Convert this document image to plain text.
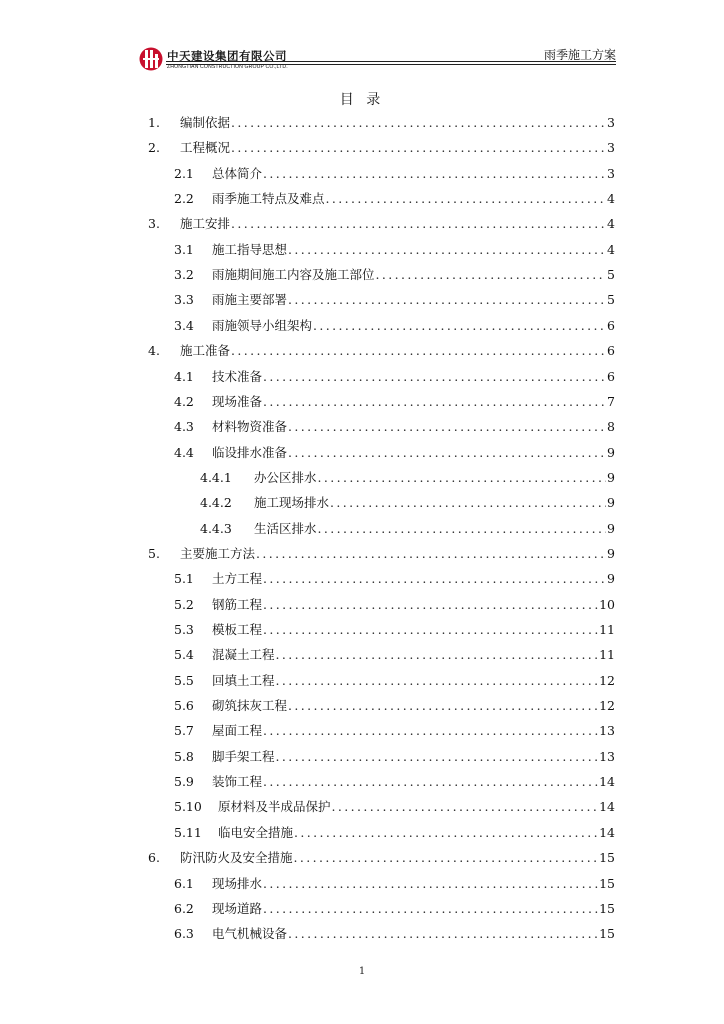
中天建设集团有限公司
ZHONGTIAN CONSTRUCTION GROUP CO.,LTD.
雨季施工方案
目 录
1.	编制依据 .....	3
2.	工程概况 .....	3
2.1	总体简介 .....	3
2.2	雨季施工特点及难点 .....	4
3.	施工安排 .....	4
3.1	施工指导思想 .....	4
3.2	雨施期间施工内容及施工部位 .....	5
3.3	雨施主要部署 .....	5
3.4	雨施领导小组架构 .....	6
4.	施工准备 .....	6
4.1	技术准备 .....	6
4.2	现场准备 .....	7
4.3	材料物资准备 .....	8
4.4	临设排水准备 .....	9
4.4.1	办公区排水 .....	9
4.4.2	施工现场排水 .....	9
4.4.3	生活区排水 .....	9
5.	主要施工方法 .....	9
5.1	土方工程 .....	9
5.2	钢筋工程 .....	10
5.3	模板工程 .....	11
5.4	混凝土工程 .....	11
5.5	回填土工程 .....	12
5.6	砌筑抹灰工程 .....	12
5.7	屋面工程 .....	13
5.8	脚手架工程 .....	13
5.9	装饰工程 .....	14
5.10	原材料及半成品保护 .....	14
5.11	临电安全措施 .....	14
6.	防汛防火及安全措施 .....	15
6.1	现场排水 .....	15
6.2	现场道路 .....	15
6.3	电气机械设备 .....	15
1
